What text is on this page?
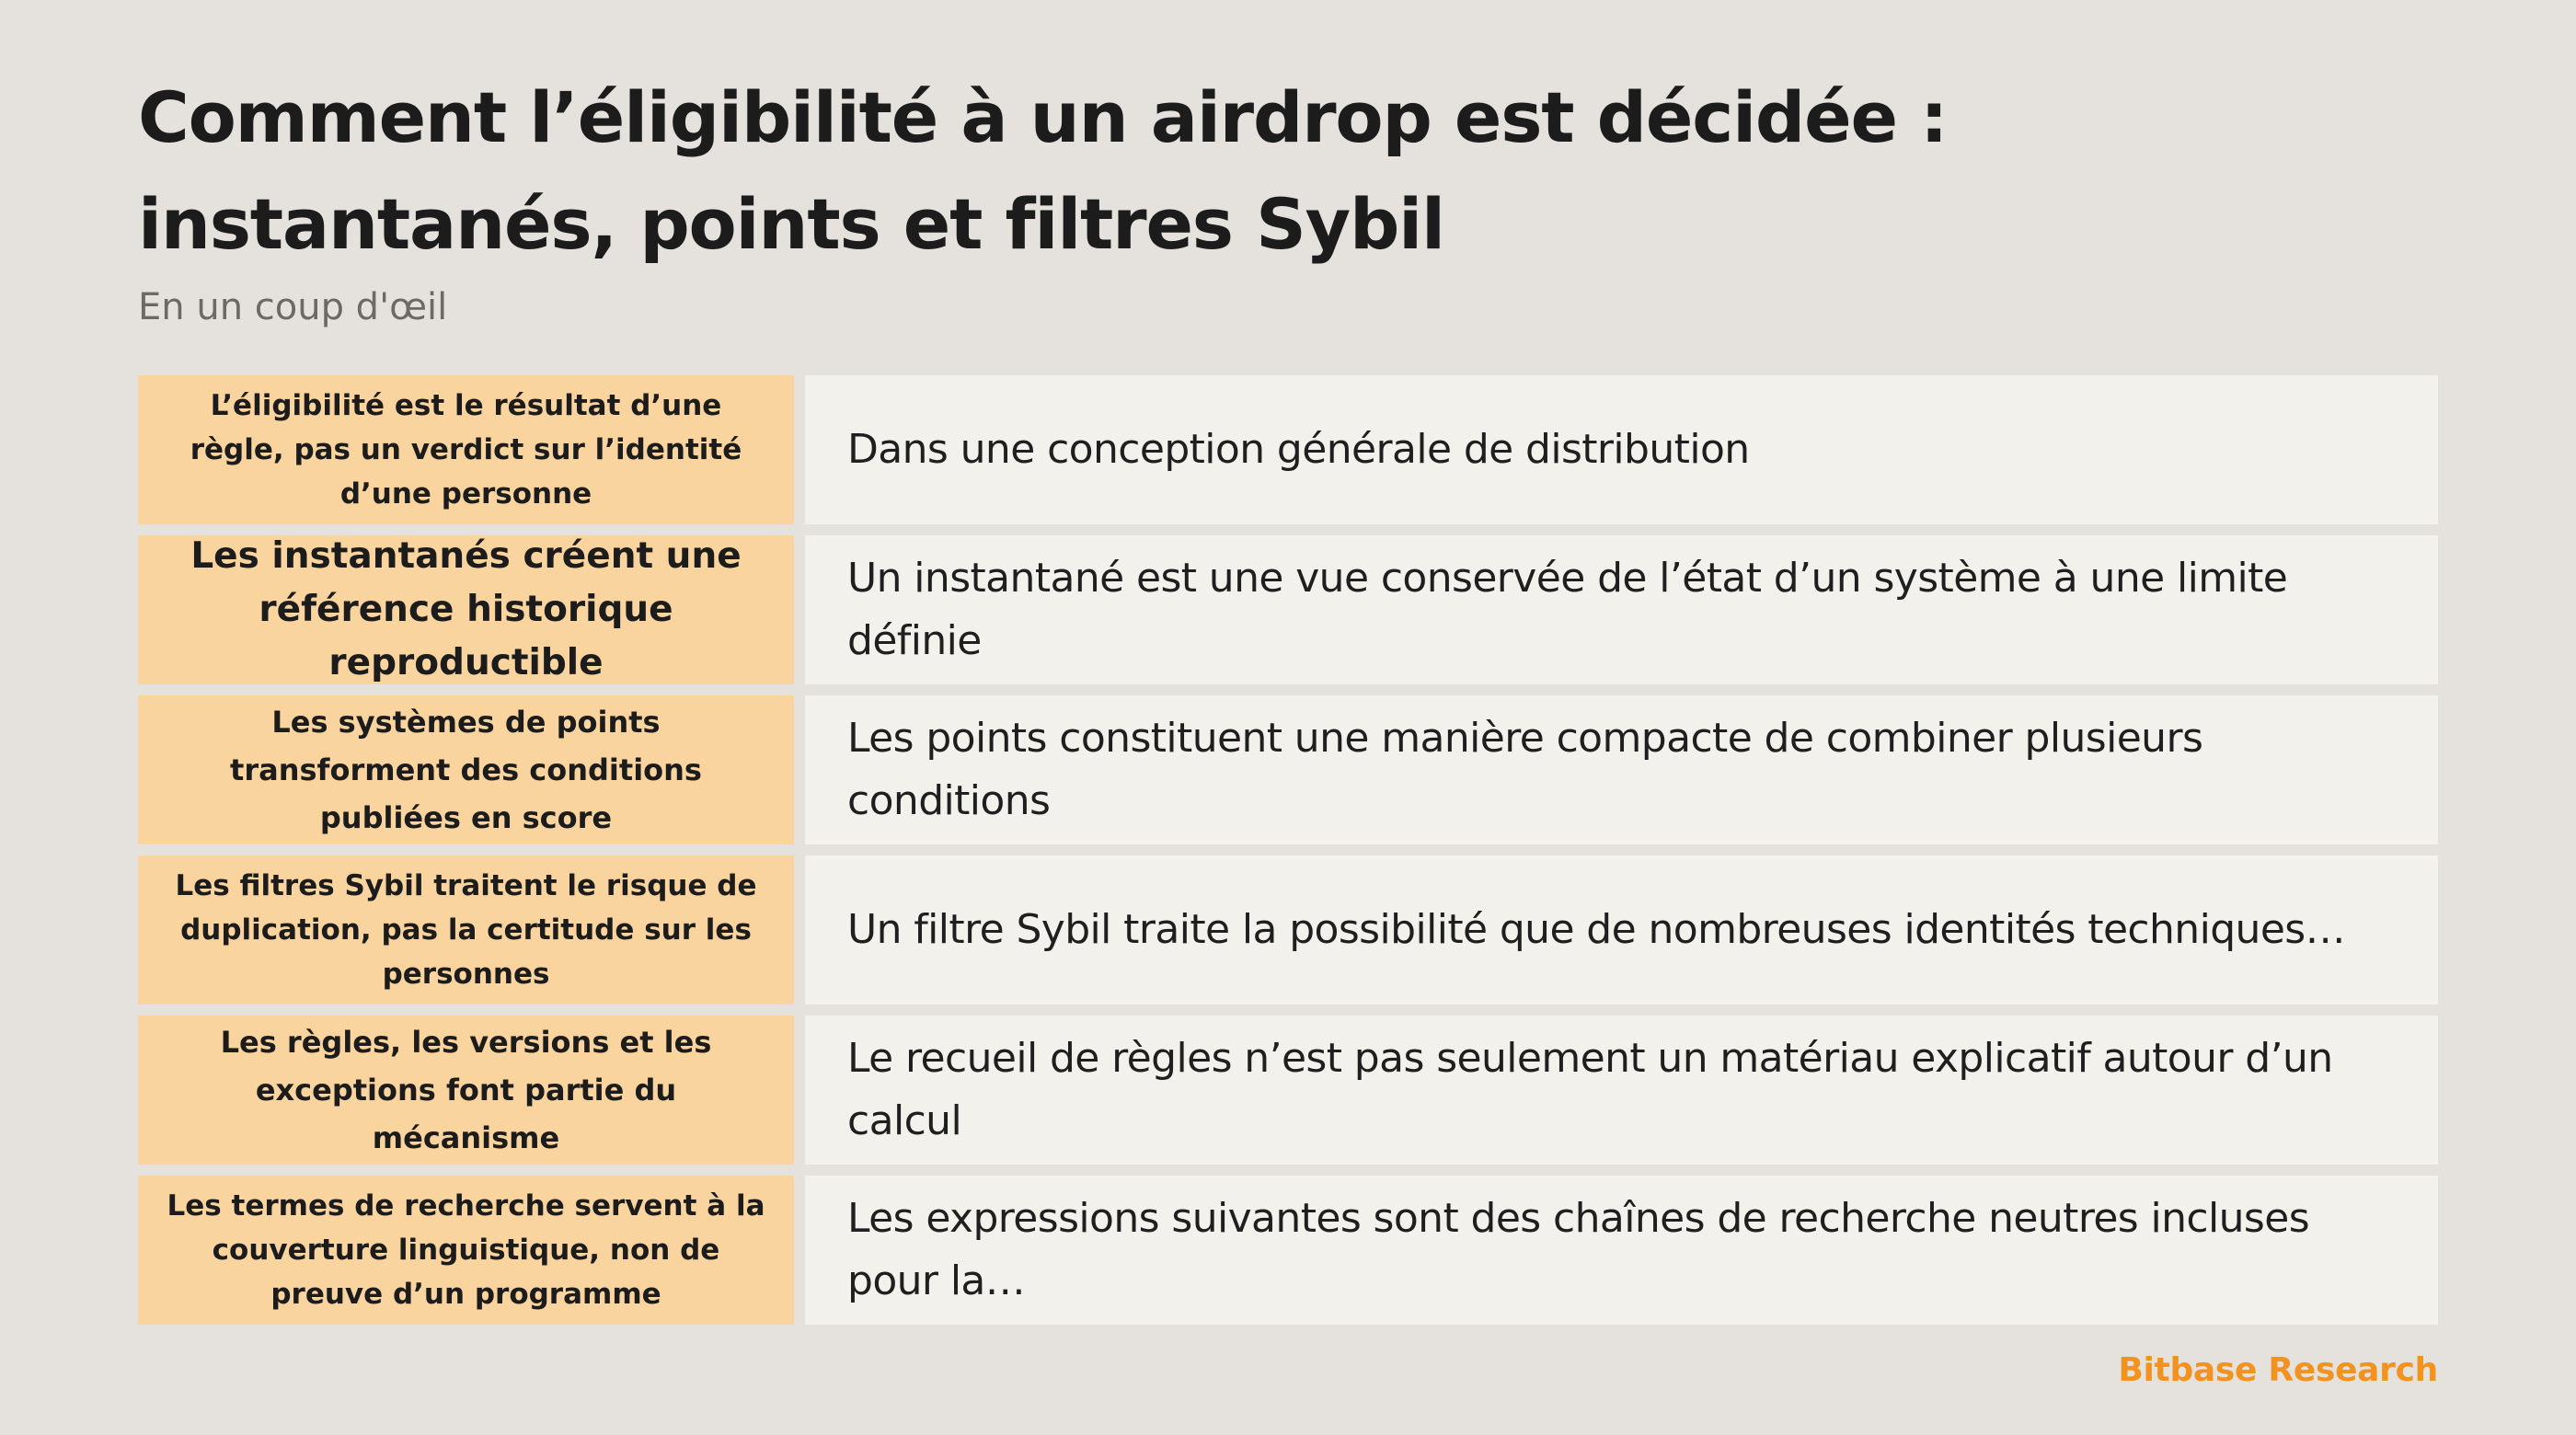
Comment l’éligibilité à un airdrop est décidée : instantanés, points et filtres Sybil
En un coup d'œil
L’éligibilité est le résultat d’une règle, pas un verdict sur l’identité d’une personne
Dans une conception générale de distribution
Les instantanés créent une référence historique reproductible
Un instantané est une vue conservée de l’état d’un système à une limite définie
Les systèmes de points transforment des conditions publiées en score
Les points constituent une manière compacte de combiner plusieurs conditions
Les filtres Sybil traitent le risque de duplication, pas la certitude sur les personnes
Un filtre Sybil traite la possibilité que de nombreuses identités techniques…
Les règles, les versions et les exceptions font partie du mécanisme
Le recueil de règles n’est pas seulement un matériau explicatif autour d’un calcul
Les termes de recherche servent à la couverture linguistique, non de preuve d’un programme
Les expressions suivantes sont des chaînes de recherche neutres incluses pour la…
Bitbase Research
